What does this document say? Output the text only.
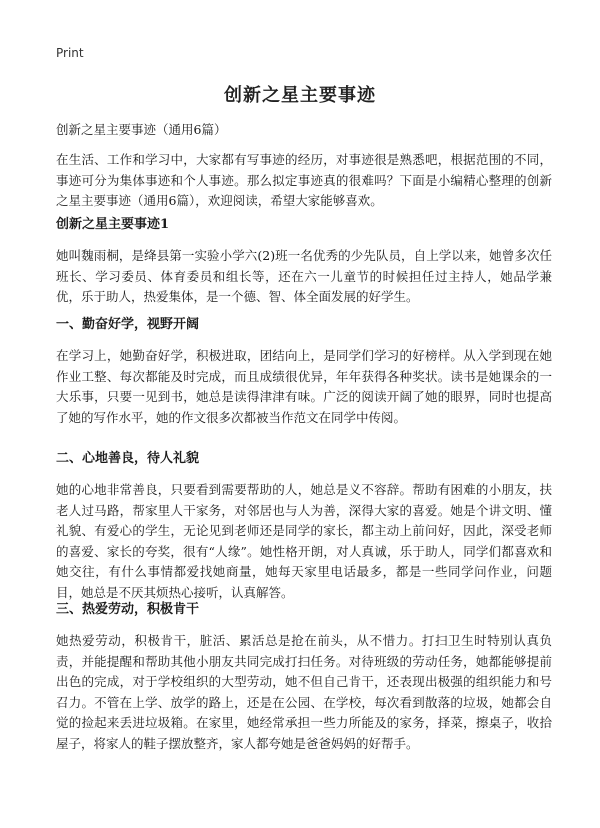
Print
创新之星主要事迹
创新之星主要事迹（通用6篇）
在生活、工作和学习中，大家都有写事迹的经历，对事迹很是熟悉吧，根据范围的不同，事迹可分为集体事迹和个人事迹。那么拟定事迹真的很难吗？下面是小编精心整理的创新之星主要事迹（通用6篇），欢迎阅读，希望大家能够喜欢。
创新之星主要事迹1
她叫魏雨桐，是绛县第一实验小学六(2)班一名优秀的少先队员，自上学以来，她曾多次任班长、学习委员、体育委员和组长等，还在六一儿童节的时候担任过主持人，她品学兼优，乐于助人，热爱集体，是一个德、智、体全面发展的好学生。
一、勤奋好学，视野开阔
在学习上，她勤奋好学，积极进取，团结向上，是同学们学习的好榜样。从入学到现在她作业工整、每次都能及时完成，而且成绩很优异，年年获得各种奖状。读书是她课余的一大乐事，只要一见到书，她总是读得津津有味。广泛的阅读开阔了她的眼界，同时也提高了她的写作水平，她的作文很多次都被当作范文在同学中传阅。
二、心地善良，待人礼貌
她的心地非常善良，只要看到需要帮助的人，她总是义不容辞。帮助有困难的小朋友，扶老人过马路，帮家里人干家务，对邻居也与人为善，深得大家的喜爱。她是个讲文明、懂礼貌、有爱心的学生，无论见到老师还是同学的家长，都主动上前问好，因此，深受老师的喜爱、家长的夸奖，很有“人缘”。她性格开朗，对人真诚，乐于助人，同学们都喜欢和她交往，有什么事情都爱找她商量，她每天家里电话最多，都是一些同学问作业，问题目，她总是不厌其烦热心接听，认真解答。
三、热爱劳动，积极肯干
她热爱劳动，积极肯干，脏活、累活总是抢在前头，从不惜力。打扫卫生时特别认真负责，并能提醒和帮助其他小朋友共同完成打扫任务。对待班级的劳动任务，她都能够提前出色的完成，对于学校组织的大型劳动，她不但自己肯干，还表现出极强的组织能力和号召力。不管在上学、放学的路上，还是在公园、在学校，每次看到散落的垃圾，她都会自觉的捡起来丢进垃圾箱。在家里，她经常承担一些力所能及的家务，择菜，擦桌子，收拾屋子，将家人的鞋子摆放整齐，家人都夸她是爸爸妈妈的好帮手。
